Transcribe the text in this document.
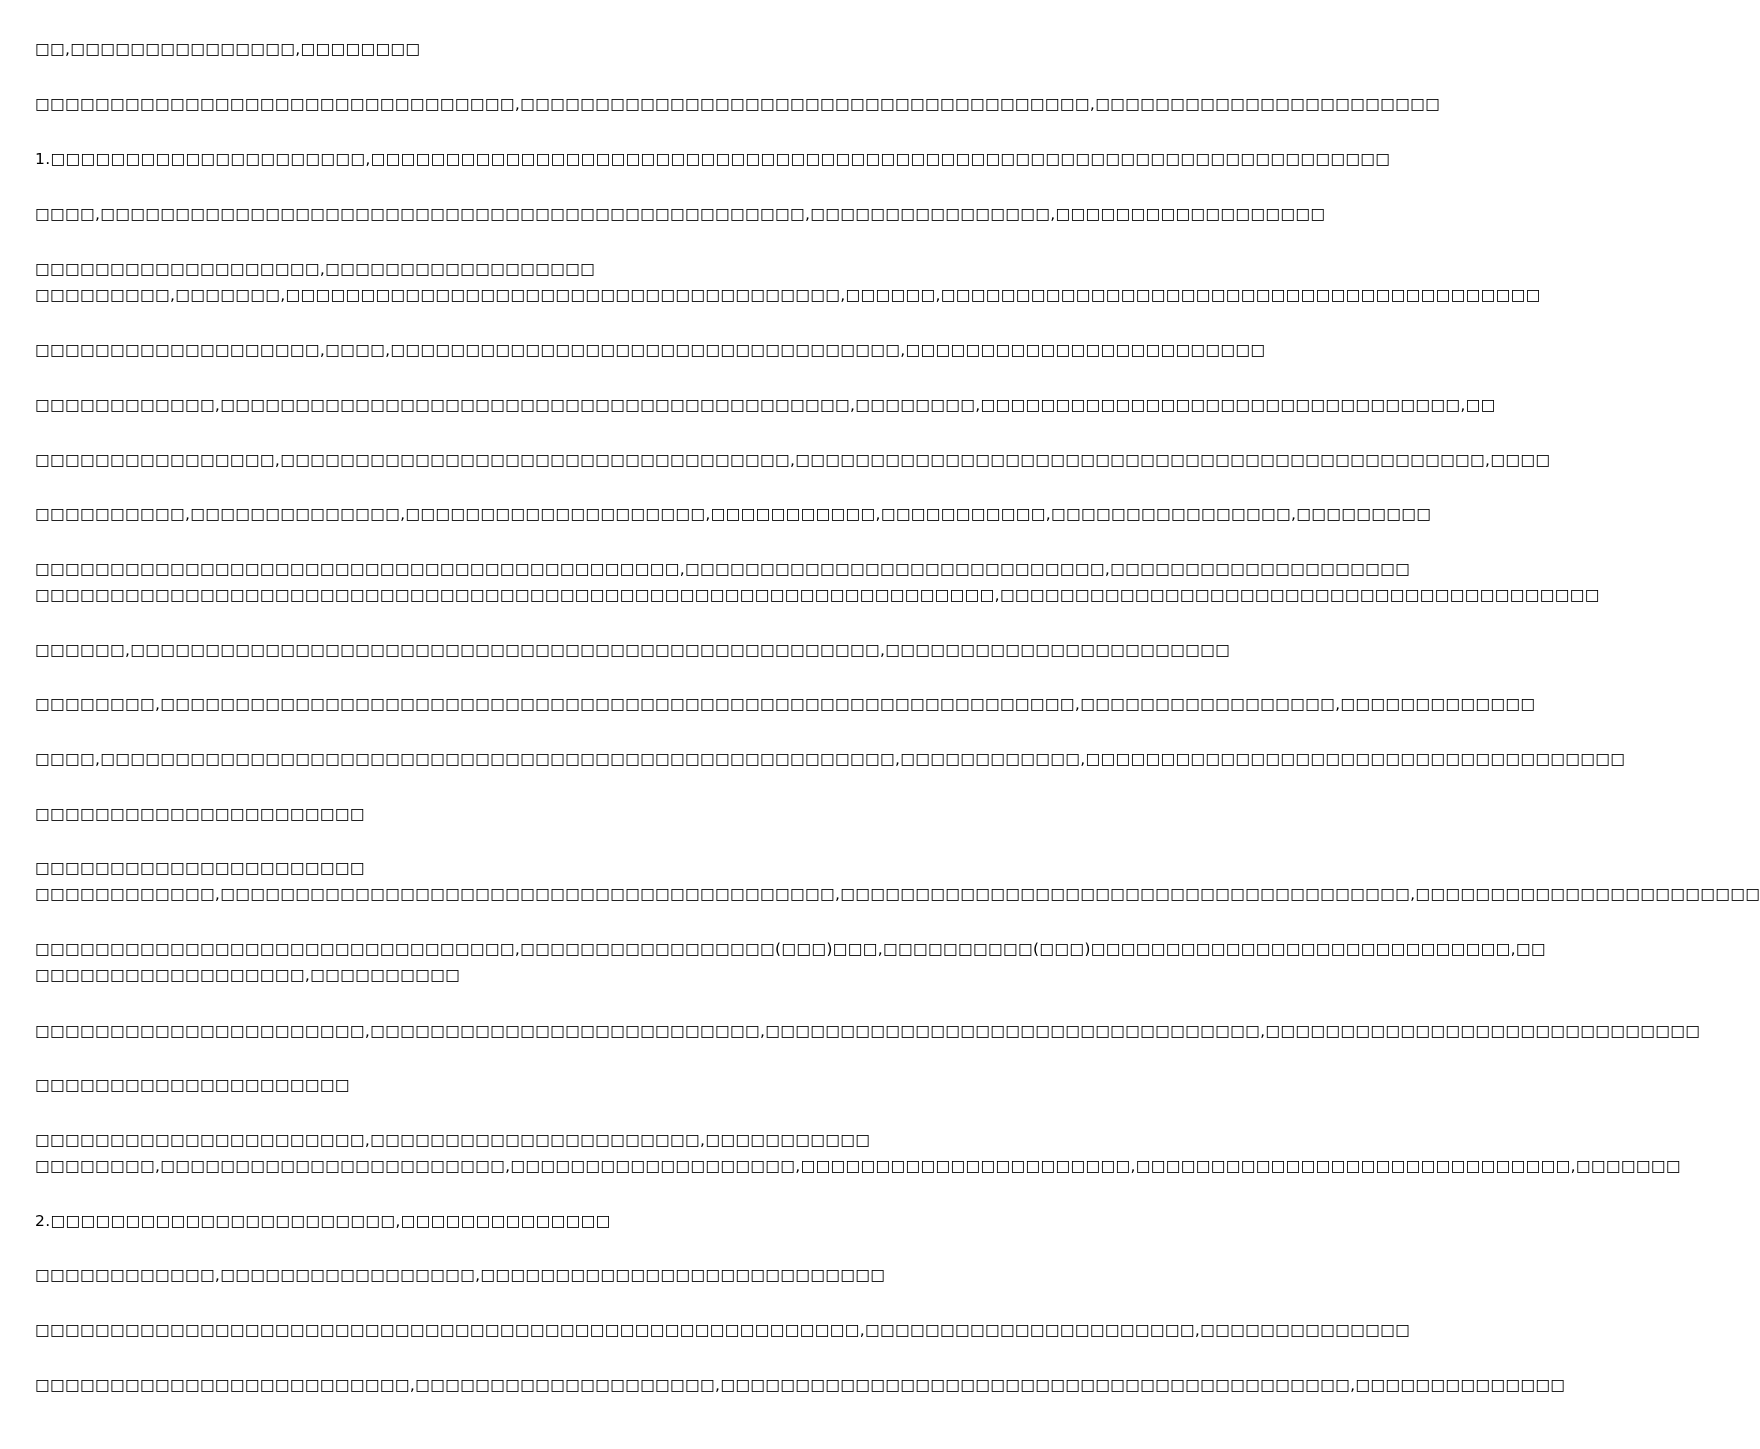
□□,□□□□□□□□□□□□□□□,□□□□□□□□
□□□□□□□□□□□□□□□□□□□□□□□□□□□□□□□□,□□□□□□□□□□□□□□□□□□□□□□□□□□□□□□□□□□□□□□,□□□□□□□□□□□□□□□□□□□□□□□
1.□□□□□□□□□□□□□□□□□□□□□,□□□□□□□□□□□□□□□□□□□□□□□□□□□□□□□□□□□□□□□□□□□□□□□□□□□□□□□□□□□□□□□□□□□□
□□□□,□□□□□□□□□□□□□□□□□□□□□□□□□□□□□□□□□□□□□□□□□□□□□□□,□□□□□□□□□□□□□□□□,□□□□□□□□□□□□□□□□□□
□□□□□□□□□□□□□□□□□□□,□□□□□□□□□□□□□□□□□□
□□□□□□□□□,□□□□□□□,□□□□□□□□□□□□□□□□□□□□□□□□□□□□□□□□□□□□□,□□□□□□,□□□□□□□□□□□□□□□□□□□□□□□□□□□□□□□□□□□□□□□□
□□□□□□□□□□□□□□□□□□□,□□□□,□□□□□□□□□□□□□□□□□□□□□□□□□□□□□□□□□□,□□□□□□□□□□□□□□□□□□□□□□□□
□□□□□□□□□□□□,□□□□□□□□□□□□□□□□□□□□□□□□□□□□□□□□□□□□□□□□□□,□□□□□□□□,□□□□□□□□□□□□□□□□□□□□□□□□□□□□□□□□,□□
□□□□□□□□□□□□□□□□,□□□□□□□□□□□□□□□□□□□□□□□□□□□□□□□□□□,□□□□□□□□□□□□□□□□□□□□□□□□□□□□□□□□□□□□□□□□□□□□□□,□□□□
□□□□□□□□□□,□□□□□□□□□□□□□□,□□□□□□□□□□□□□□□□□□□□,□□□□□□□□□□□,□□□□□□□□□□□,□□□□□□□□□□□□□□□□,□□□□□□□□□
□□□□□□□□□□□□□□□□□□□□□□□□□□□□□□□□□□□□□□□□□□□,□□□□□□□□□□□□□□□□□□□□□□□□□□□□,□□□□□□□□□□□□□□□□□□□□
□□□□□□□□□□□□□□□□□□□□□□□□□□□□□□□□□□□□□□□□□□□□□□□□□□□□□□□□□□□□□□□□,□□□□□□□□□□□□□□□□□□□□□□□□□□□□□□□□□□□□□□□□
□□□□□□,□□□□□□□□□□□□□□□□□□□□□□□□□□□□□□□□□□□□□□□□□□□□□□□□□□,□□□□□□□□□□□□□□□□□□□□□□□
□□□□□□□□,□□□□□□□□□□□□□□□□□□□□□□□□□□□□□□□□□□□□□□□□□□□□□□□□□□□□□□□□□□□□□,□□□□□□□□□□□□□□□□□,□□□□□□□□□□□□□
□□□□,□□□□□□□□□□□□□□□□□□□□□□□□□□□□□□□□□□□□□□□□□□□□□□□□□□□□□,□□□□□□□□□□□□,□□□□□□□□□□□□□□□□□□□□□□□□□□□□□□□□□□□□
□□□□□□□□□□□□□□□□□□□□□□
□□□□□□□□□□□□□□□□□□□□□□
□□□□□□□□□□□□,□□□□□□□□□□□□□□□□□□□□□□□□□□□□□□□□□□□□□□□□□,□□□□□□□□□□□□□□□□□□□□□□□□□□□□□□□□□□□□□□,□□□□□□□□□□□□□□□□□□□□□□□
□□□□□□□□□□□□□□□□□□□□□□□□□□□□□□□□,□□□□□□□□□□□□□□□□□(□□□)□□□,□□□□□□□□□□(□□□)□□□□□□□□□□□□□□□□□□□□□□□□□□□□,□□
□□□□□□□□□□□□□□□□□□,□□□□□□□□□□
□□□□□□□□□□□□□□□□□□□□□□,□□□□□□□□□□□□□□□□□□□□□□□□□□,□□□□□□□□□□□□□□□□□□□□□□□□□□□□□□□□□,□□□□□□□□□□□□□□□□□□□□□□□□□□□□□
□□□□□□□□□□□□□□□□□□□□□
□□□□□□□□□□□□□□□□□□□□□□,□□□□□□□□□□□□□□□□□□□□□□,□□□□□□□□□□□
□□□□□□□□,□□□□□□□□□□□□□□□□□□□□□□□,□□□□□□□□□□□□□□□□□□□,□□□□□□□□□□□□□□□□□□□□□□,□□□□□□□□□□□□□□□□□□□□□□□□□□□□□,□□□□□□□
2.□□□□□□□□□□□□□□□□□□□□□□□,□□□□□□□□□□□□□□
□□□□□□□□□□□□,□□□□□□□□□□□□□□□□□,□□□□□□□□□□□□□□□□□□□□□□□□□□□
□□□□□□□□□□□□□□□□□□□□□□□□□□□□□□□□□□□□□□□□□□□□□□□□□□□□□□□,□□□□□□□□□□□□□□□□□□□□□□,□□□□□□□□□□□□□□
□□□□□□□□□□□□□□□□□□□□□□□□□,□□□□□□□□□□□□□□□□□□□□,□□□□□□□□□□□□□□□□□□□□□□□□□□□□□□□□□□□□□□□□□□,□□□□□□□□□□□□□□
